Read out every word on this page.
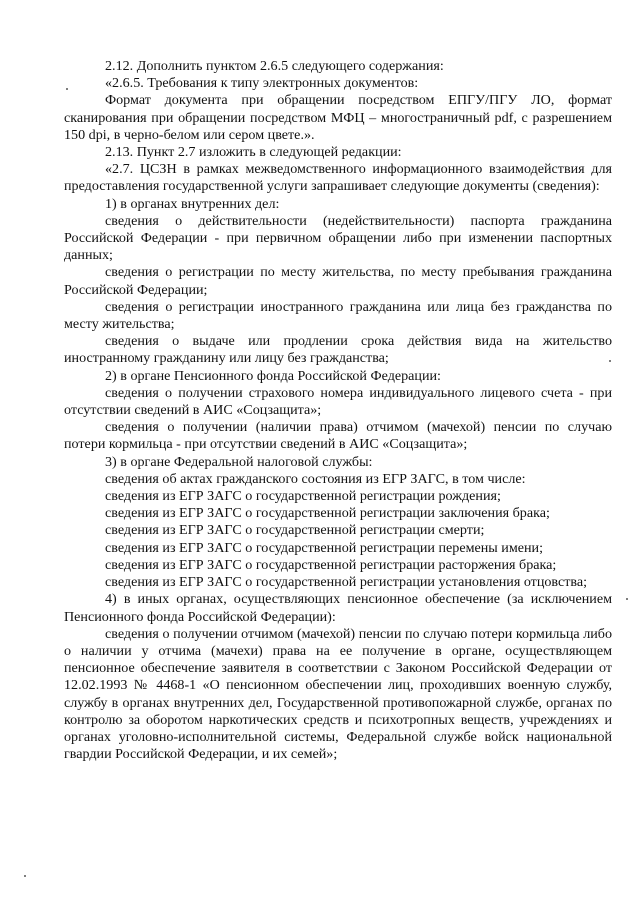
2.12. Дополнить пунктом 2.6.5 следующего содержания:

«2.6.5. Требования к типу электронных документов:

Формат документа при обращении посредством ЕПГУ/ПГУ ЛО, формат сканирования при обращении посредством МФЦ – многостраничный pdf, с разрешением 150 dpi, в черно-белом или сером цвете.».

2.13. Пункт 2.7 изложить в следующей редакции:

«2.7. ЦСЗН в рамках межведомственного информационного взаимодействия для предоставления государственной услуги запрашивает следующие документы (сведения):

1) в органах внутренних дел:

сведения о действительности (недействительности) паспорта гражданина Российской Федерации - при первичном обращении либо при изменении паспортных данных;

сведения о регистрации по месту жительства, по месту пребывания гражданина Российской Федерации;

сведения о регистрации иностранного гражданина или лица без гражданства по месту жительства;

сведения о выдаче или продлении срока действия вида на жительство иностранному гражданину или лицу без гражданства;

2) в органе Пенсионного фонда Российской Федерации:

сведения о получении страхового номера индивидуального лицевого счета - при отсутствии сведений в АИС «Соцзащита»;

сведения о получении (наличии права) отчимом (мачехой) пенсии по случаю потери кормильца - при отсутствии сведений в АИС «Соцзащита»;

3) в органе Федеральной налоговой службы:

сведения об актах гражданского состояния из ЕГР ЗАГС, в том числе:

сведения из ЕГР ЗАГС о государственной регистрации рождения;

сведения из ЕГР ЗАГС о государственной регистрации заключения брака;

сведения из ЕГР ЗАГС о государственной регистрации смерти;

сведения из ЕГР ЗАГС о государственной регистрации перемены имени;

сведения из ЕГР ЗАГС о государственной регистрации расторжения брака;

сведения из ЕГР ЗАГС о государственной регистрации установления отцовства;

4) в иных органах, осуществляющих пенсионное обеспечение (за исключением Пенсионного фонда Российской Федерации):

сведения о получении отчимом (мачехой) пенсии по случаю потери кормильца либо о наличии у отчима (мачехи) права на ее получение в органе, осуществляющем пенсионное обеспечение заявителя в соответствии с Законом Российской Федерации от 12.02.1993 № 4468-1 «О пенсионном обеспечении лиц, проходивших военную службу, службу в органах внутренних дел, Государственной противопожарной службе, органах по контролю за оборотом наркотических средств и психотропных веществ, учреждениях и органах уголовно-исполнительной системы, Федеральной службе войск национальной гвардии Российской Федерации, и их семей»;
